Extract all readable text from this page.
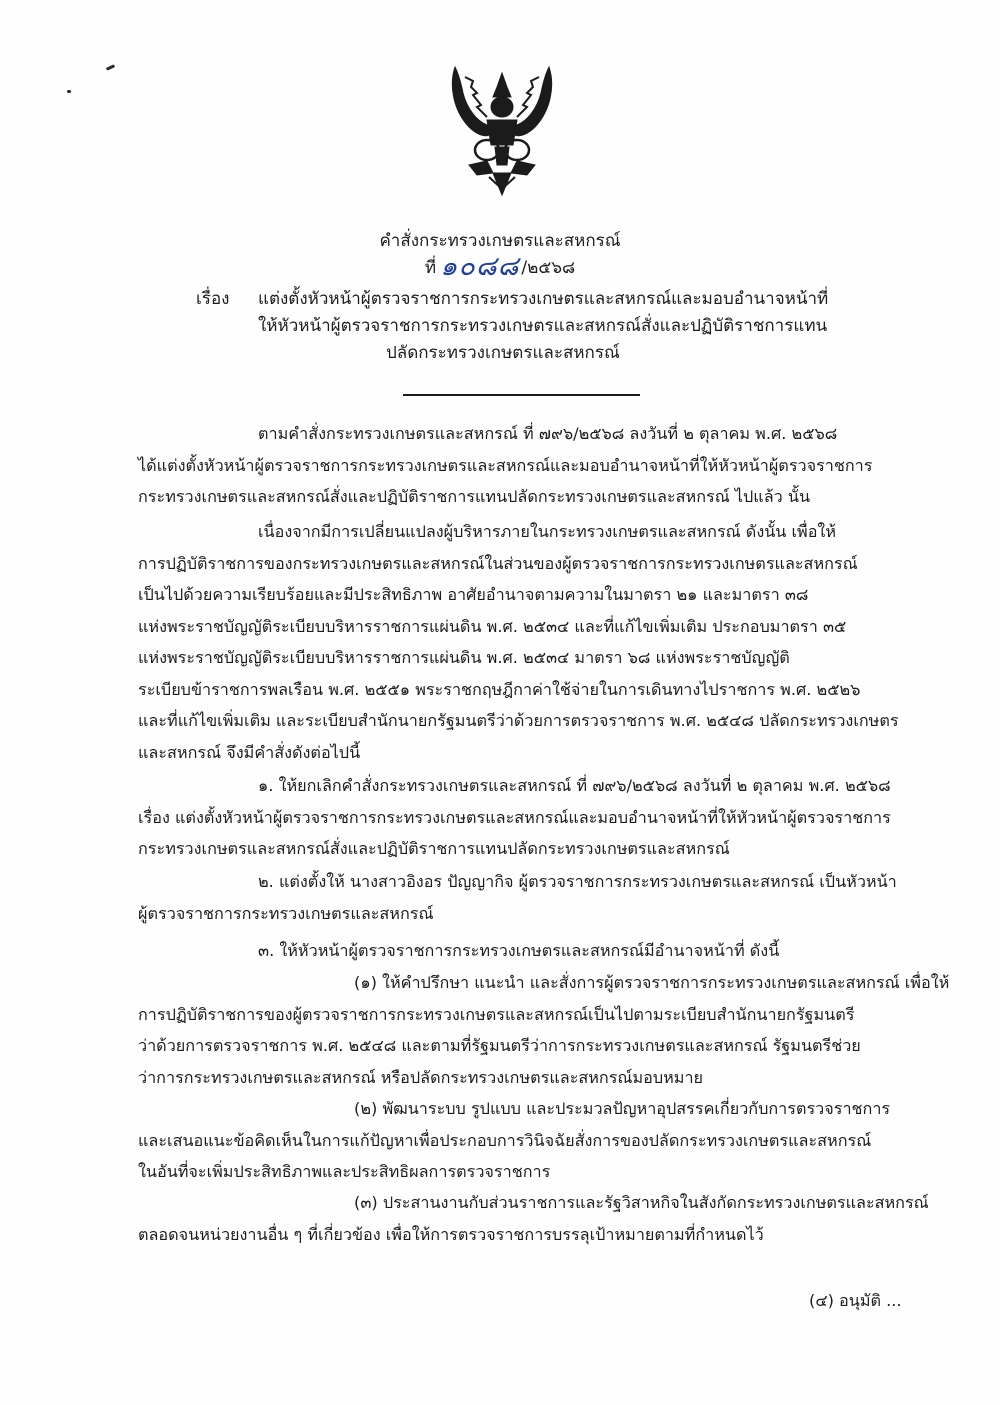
คำสั่งกระทรวงเกษตรและสหกรณ์
ที่ ๑๐๘๘ /๒๕๖๘
เรื่อง แต่งตั้งหัวหน้าผู้ตรวจราชการกระทรวงเกษตรและสหกรณ์และมอบอำนาจหน้าที่
ให้หัวหน้าผู้ตรวจราชการกระทรวงเกษตรและสหกรณ์สั่งและปฏิบัติราชการแทน
ปลัดกระทรวงเกษตรและสหกรณ์
ตามคำสั่งกระทรวงเกษตรและสหกรณ์ ที่ ๗๙๖/๒๕๖๘ ลงวันที่ ๒ ตุลาคม พ.ศ. ๒๕๖๘
ได้แต่งตั้งหัวหน้าผู้ตรวจราชการกระทรวงเกษตรและสหกรณ์และมอบอำนาจหน้าที่ให้หัวหน้าผู้ตรวจราชการ
กระทรวงเกษตรและสหกรณ์สั่งและปฏิบัติราชการแทนปลัดกระทรวงเกษตรและสหกรณ์ ไปแล้ว นั้น
เนื่องจากมีการเปลี่ยนแปลงผู้บริหารภายในกระทรวงเกษตรและสหกรณ์ ดังนั้น เพื่อให้
การปฏิบัติราชการของกระทรวงเกษตรและสหกรณ์ในส่วนของผู้ตรวจราชการกระทรวงเกษตรและสหกรณ์
เป็นไปด้วยความเรียบร้อยและมีประสิทธิภาพ อาศัยอำนาจตามความในมาตรา ๒๑ และมาตรา ๓๘
แห่งพระราชบัญญัติระเบียบบริหารราชการแผ่นดิน พ.ศ. ๒๕๓๔ และที่แก้ไขเพิ่มเติม ประกอบมาตรา ๓๕
แห่งพระราชบัญญัติระเบียบบริหารราชการแผ่นดิน พ.ศ. ๒๕๓๔ มาตรา ๖๘ แห่งพระราชบัญญัติ
ระเบียบข้าราชการพลเรือน พ.ศ. ๒๕๕๑ พระราชกฤษฎีกาค่าใช้จ่ายในการเดินทางไปราชการ พ.ศ. ๒๕๒๖
และที่แก้ไขเพิ่มเติม และระเบียบสำนักนายกรัฐมนตรีว่าด้วยการตรวจราชการ พ.ศ. ๒๕๔๘ ปลัดกระทรวงเกษตร
และสหกรณ์ จึงมีคำสั่งดังต่อไปนี้
๑. ให้ยกเลิกคำสั่งกระทรวงเกษตรและสหกรณ์ ที่ ๗๙๖/๒๕๖๘ ลงวันที่ ๒ ตุลาคม พ.ศ. ๒๕๖๘
เรื่อง แต่งตั้งหัวหน้าผู้ตรวจราชการกระทรวงเกษตรและสหกรณ์และมอบอำนาจหน้าที่ให้หัวหน้าผู้ตรวจราชการ
กระทรวงเกษตรและสหกรณ์สั่งและปฏิบัติราชการแทนปลัดกระทรวงเกษตรและสหกรณ์
๒. แต่งตั้งให้ นางสาวอิงอร ปัญญากิจ ผู้ตรวจราชการกระทรวงเกษตรและสหกรณ์ เป็นหัวหน้า
ผู้ตรวจราชการกระทรวงเกษตรและสหกรณ์
๓. ให้หัวหน้าผู้ตรวจราชการกระทรวงเกษตรและสหกรณ์มีอำนาจหน้าที่ ดังนี้
(๑) ให้คำปรึกษา แนะนำ และสั่งการผู้ตรวจราชการกระทรวงเกษตรและสหกรณ์ เพื่อให้
การปฏิบัติราชการของผู้ตรวจราชการกระทรวงเกษตรและสหกรณ์เป็นไปตามระเบียบสำนักนายกรัฐมนตรี
ว่าด้วยการตรวจราชการ พ.ศ. ๒๕๔๘ และตามที่รัฐมนตรีว่าการกระทรวงเกษตรและสหกรณ์ รัฐมนตรีช่วย
ว่าการกระทรวงเกษตรและสหกรณ์ หรือปลัดกระทรวงเกษตรและสหกรณ์มอบหมาย
(๒) พัฒนาระบบ รูปแบบ และประมวลปัญหาอุปสรรคเกี่ยวกับการตรวจราชการ
และเสนอแนะข้อคิดเห็นในการแก้ปัญหาเพื่อประกอบการวินิจฉัยสั่งการของปลัดกระทรวงเกษตรและสหกรณ์
ในอันที่จะเพิ่มประสิทธิภาพและประสิทธิผลการตรวจราชการ
(๓) ประสานงานกับส่วนราชการและรัฐวิสาหกิจในสังกัดกระทรวงเกษตรและสหกรณ์
ตลอดจนหน่วยงานอื่น ๆ ที่เกี่ยวข้อง เพื่อให้การตรวจราชการบรรลุเป้าหมายตามที่กำหนดไว้
(๔) อนุมัติ ...
